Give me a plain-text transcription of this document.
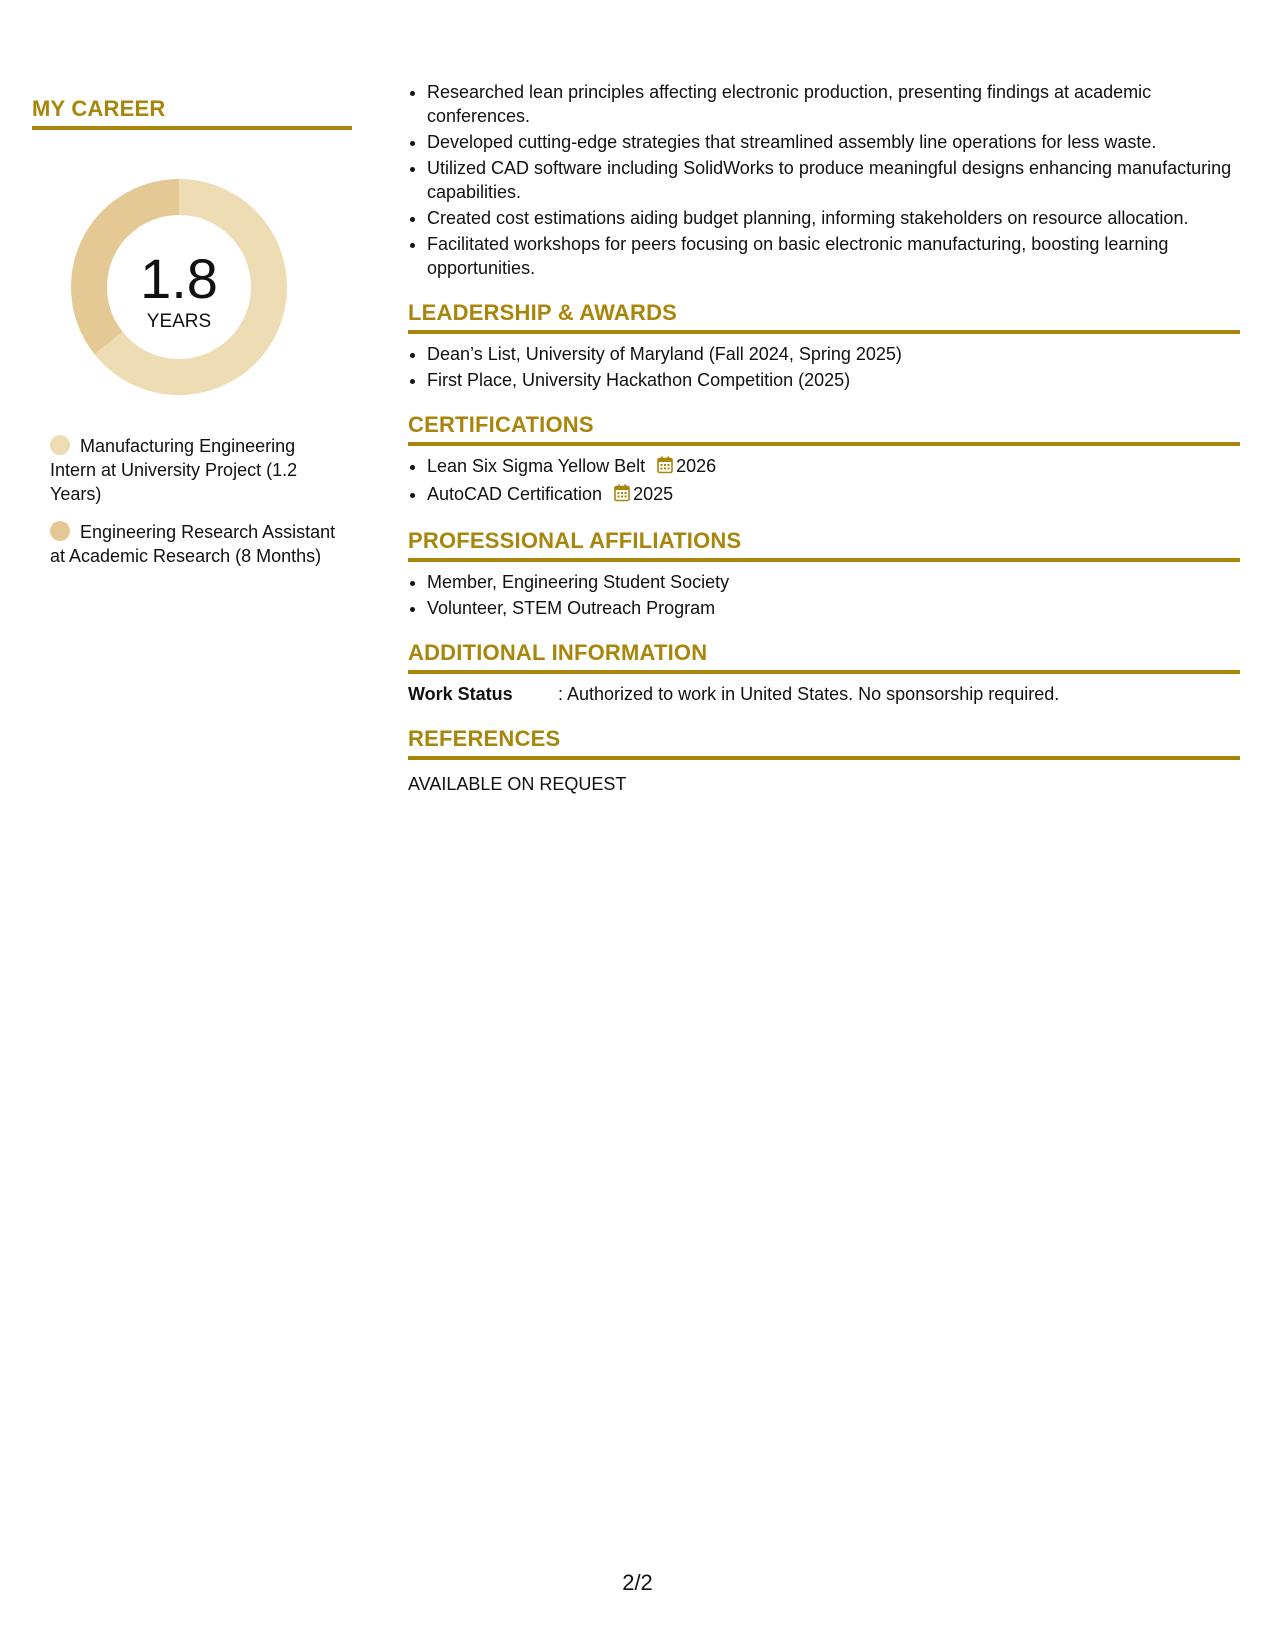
MY CAREER
1.8
YEARS
Manufacturing Engineering Intern at University Project (1.2 Years)
Engineering Research Assistant at Academic Research (8 Months)
• Researched lean principles affecting electronic production, presenting findings at academic conferences.
• Developed cutting-edge strategies that streamlined assembly line operations for less waste.
• Utilized CAD software including SolidWorks to produce meaningful designs enhancing manufacturing capabilities.
• Created cost estimations aiding budget planning, informing stakeholders on resource allocation.
• Facilitated workshops for peers focusing on basic electronic manufacturing, boosting learning opportunities.
LEADERSHIP & AWARDS
• Dean’s List, University of Maryland (Fall 2024, Spring 2025)
• First Place, University Hackathon Competition (2025)
CERTIFICATIONS
• Lean Six Sigma Yellow Belt 2026
• AutoCAD Certification 2025
PROFESSIONAL AFFILIATIONS
• Member, Engineering Student Society
• Volunteer, STEM Outreach Program
ADDITIONAL INFORMATION
Work Status	: Authorized to work in United States. No sponsorship required.
REFERENCES
AVAILABLE ON REQUEST
2/2
